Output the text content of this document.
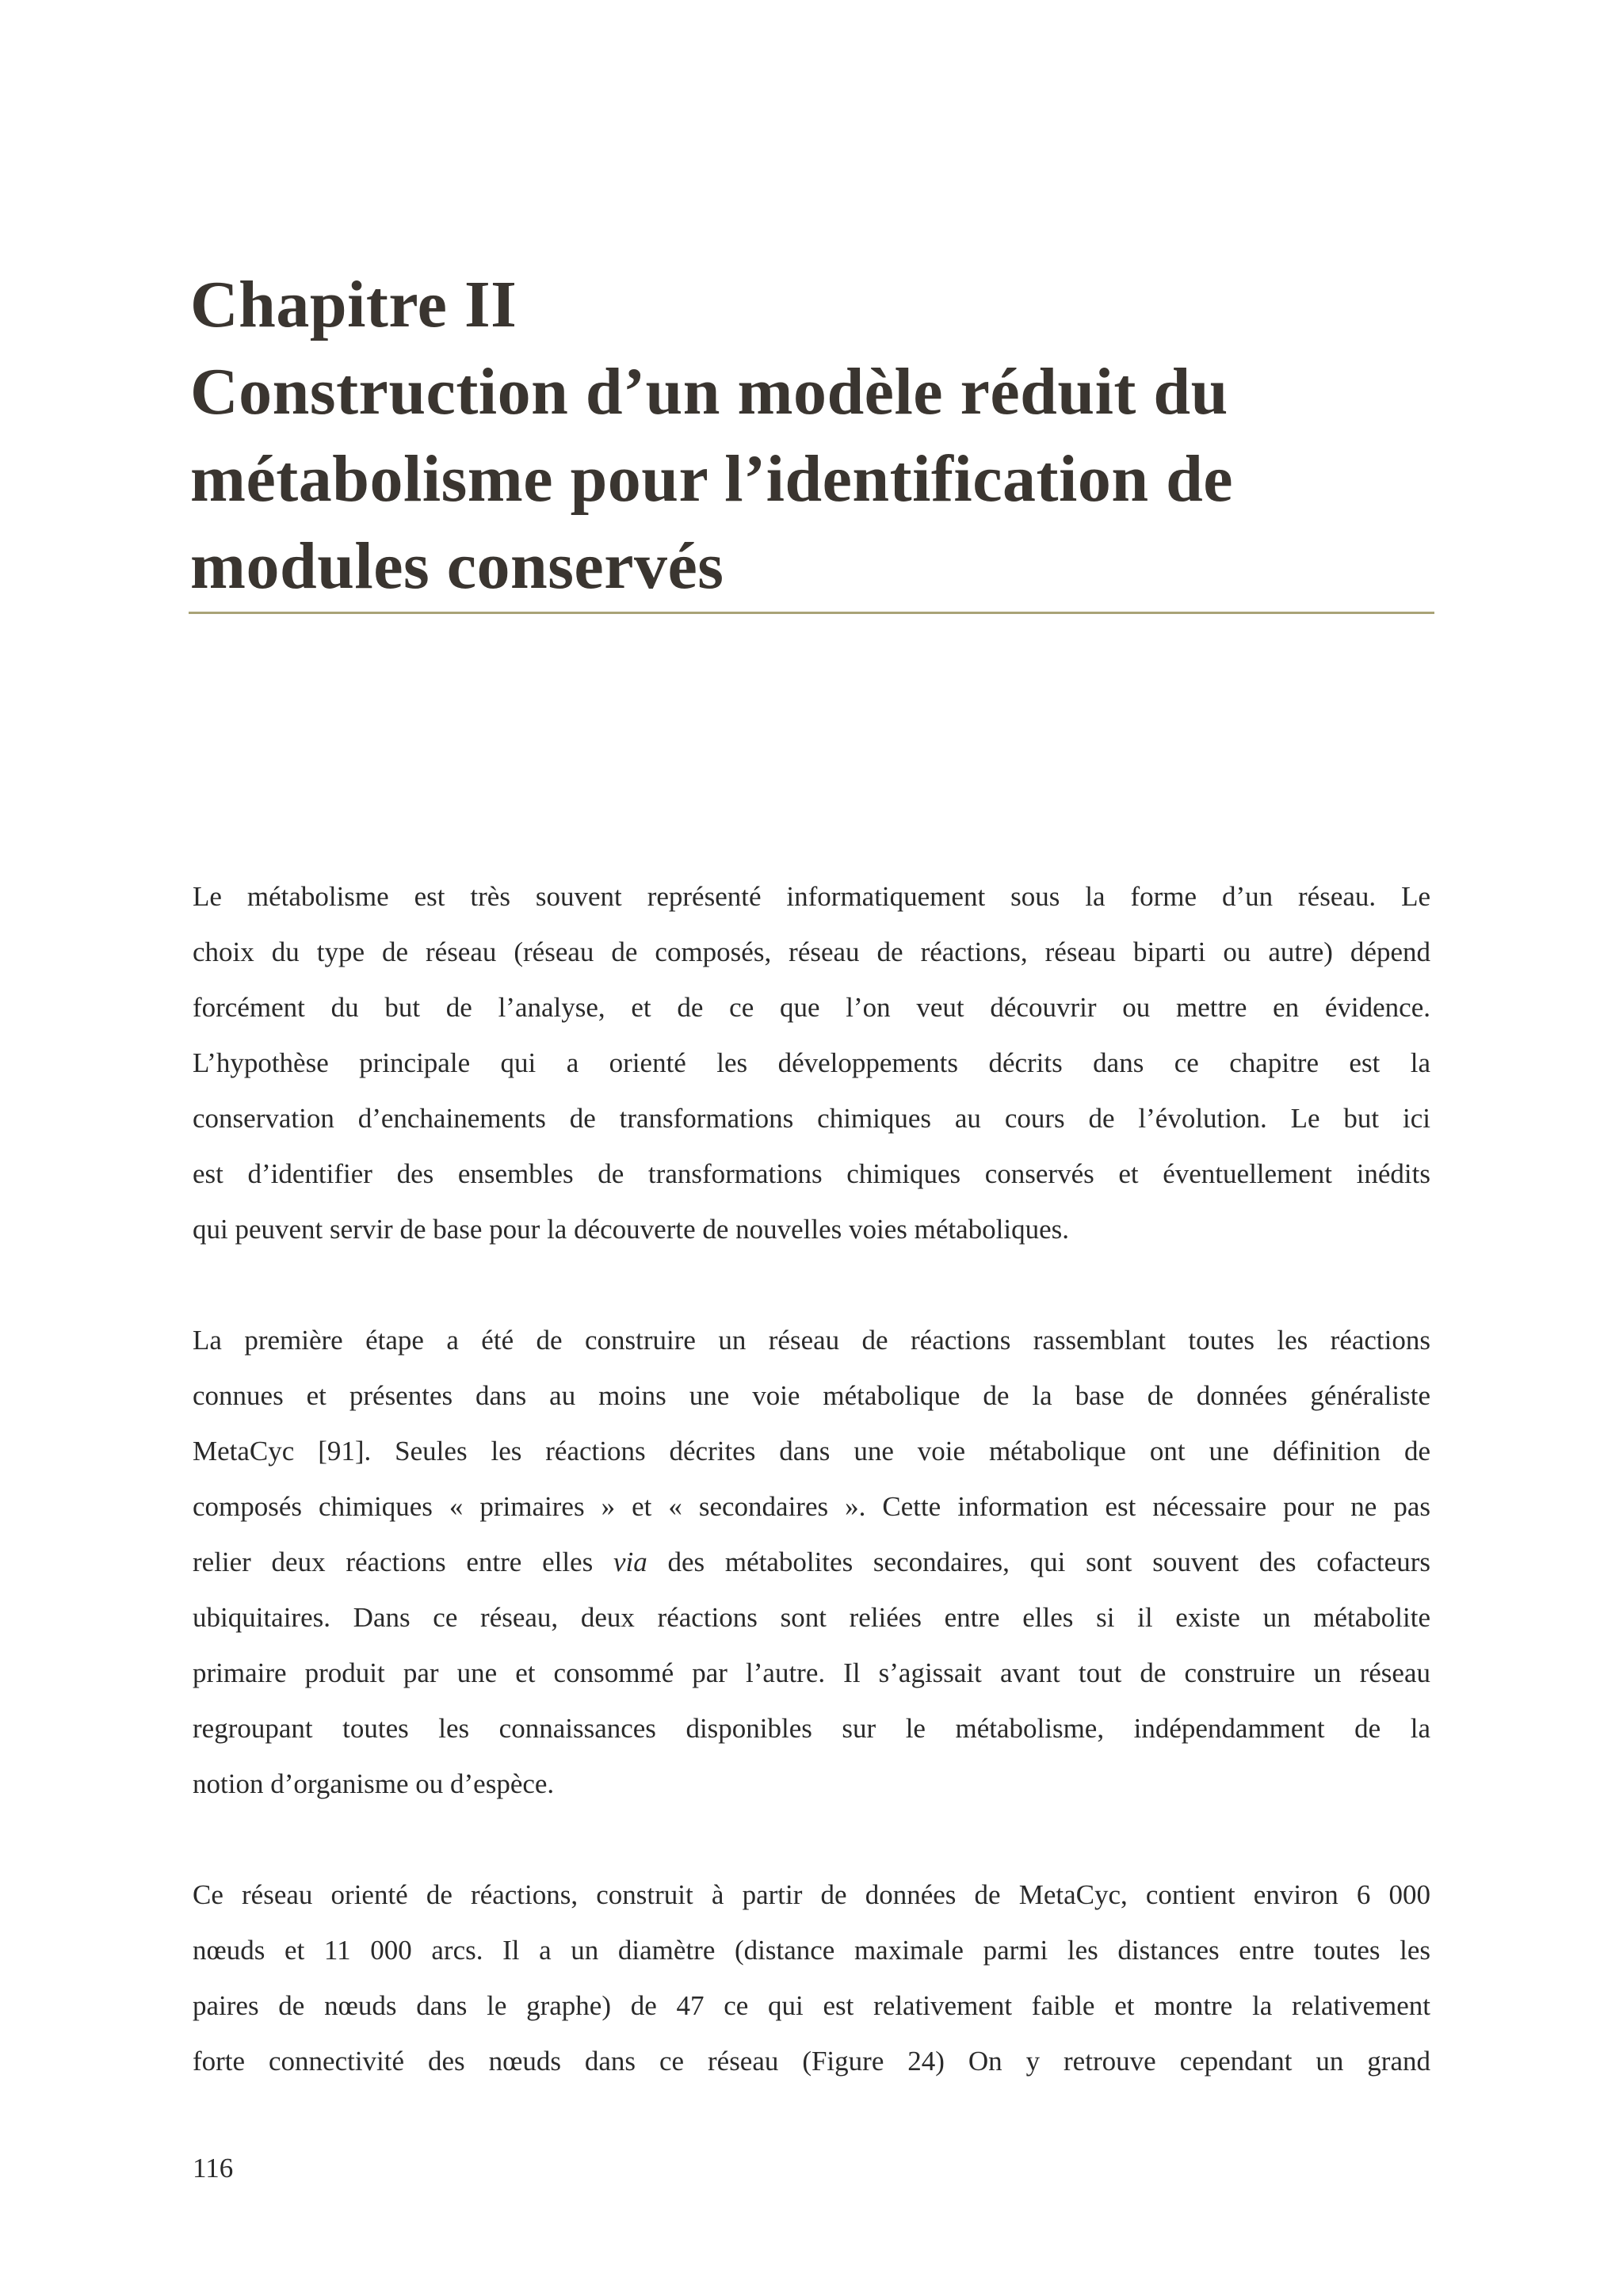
Chapitre II
Construction d’un modèle réduit du
métabolisme pour l’identification de
modules conservés

Le métabolisme est très souvent représenté informatiquement sous la forme d’un réseau. Le
choix du type de réseau (réseau de composés, réseau de réactions, réseau biparti ou autre) dépend
forcément du but de l’analyse, et de ce que l’on veut découvrir ou mettre en évidence.
L’hypothèse principale qui a orienté les développements décrits dans ce chapitre est la
conservation d’enchainements de transformations chimiques au cours de l’évolution. Le but ici
est d’identifier des ensembles de transformations chimiques conservés et éventuellement inédits
qui peuvent servir de base pour la découverte de nouvelles voies métaboliques.

La première étape a été de construire un réseau de réactions rassemblant toutes les réactions
connues et présentes dans au moins une voie métabolique de la base de données généraliste
MetaCyc [91]. Seules les réactions décrites dans une voie métabolique ont une définition de
composés chimiques « primaires » et « secondaires ». Cette information est nécessaire pour ne pas
relier deux réactions entre elles via des métabolites secondaires, qui sont souvent des cofacteurs
ubiquitaires. Dans ce réseau, deux réactions sont reliées entre elles si il existe un métabolite
primaire produit par une et consommé par l’autre. Il s’agissait avant tout de construire un réseau
regroupant toutes les connaissances disponibles sur le métabolisme, indépendamment de la
notion d’organisme ou d’espèce.

Ce réseau orienté de réactions, construit à partir de données de MetaCyc, contient environ 6 000
nœuds et 11 000 arcs. Il a un diamètre (distance maximale parmi les distances entre toutes les
paires de nœuds dans le graphe) de 47 ce qui est relativement faible et montre la relativement
forte connectivité des nœuds dans ce réseau (Figure 24) On y retrouve cependant un grand

116
